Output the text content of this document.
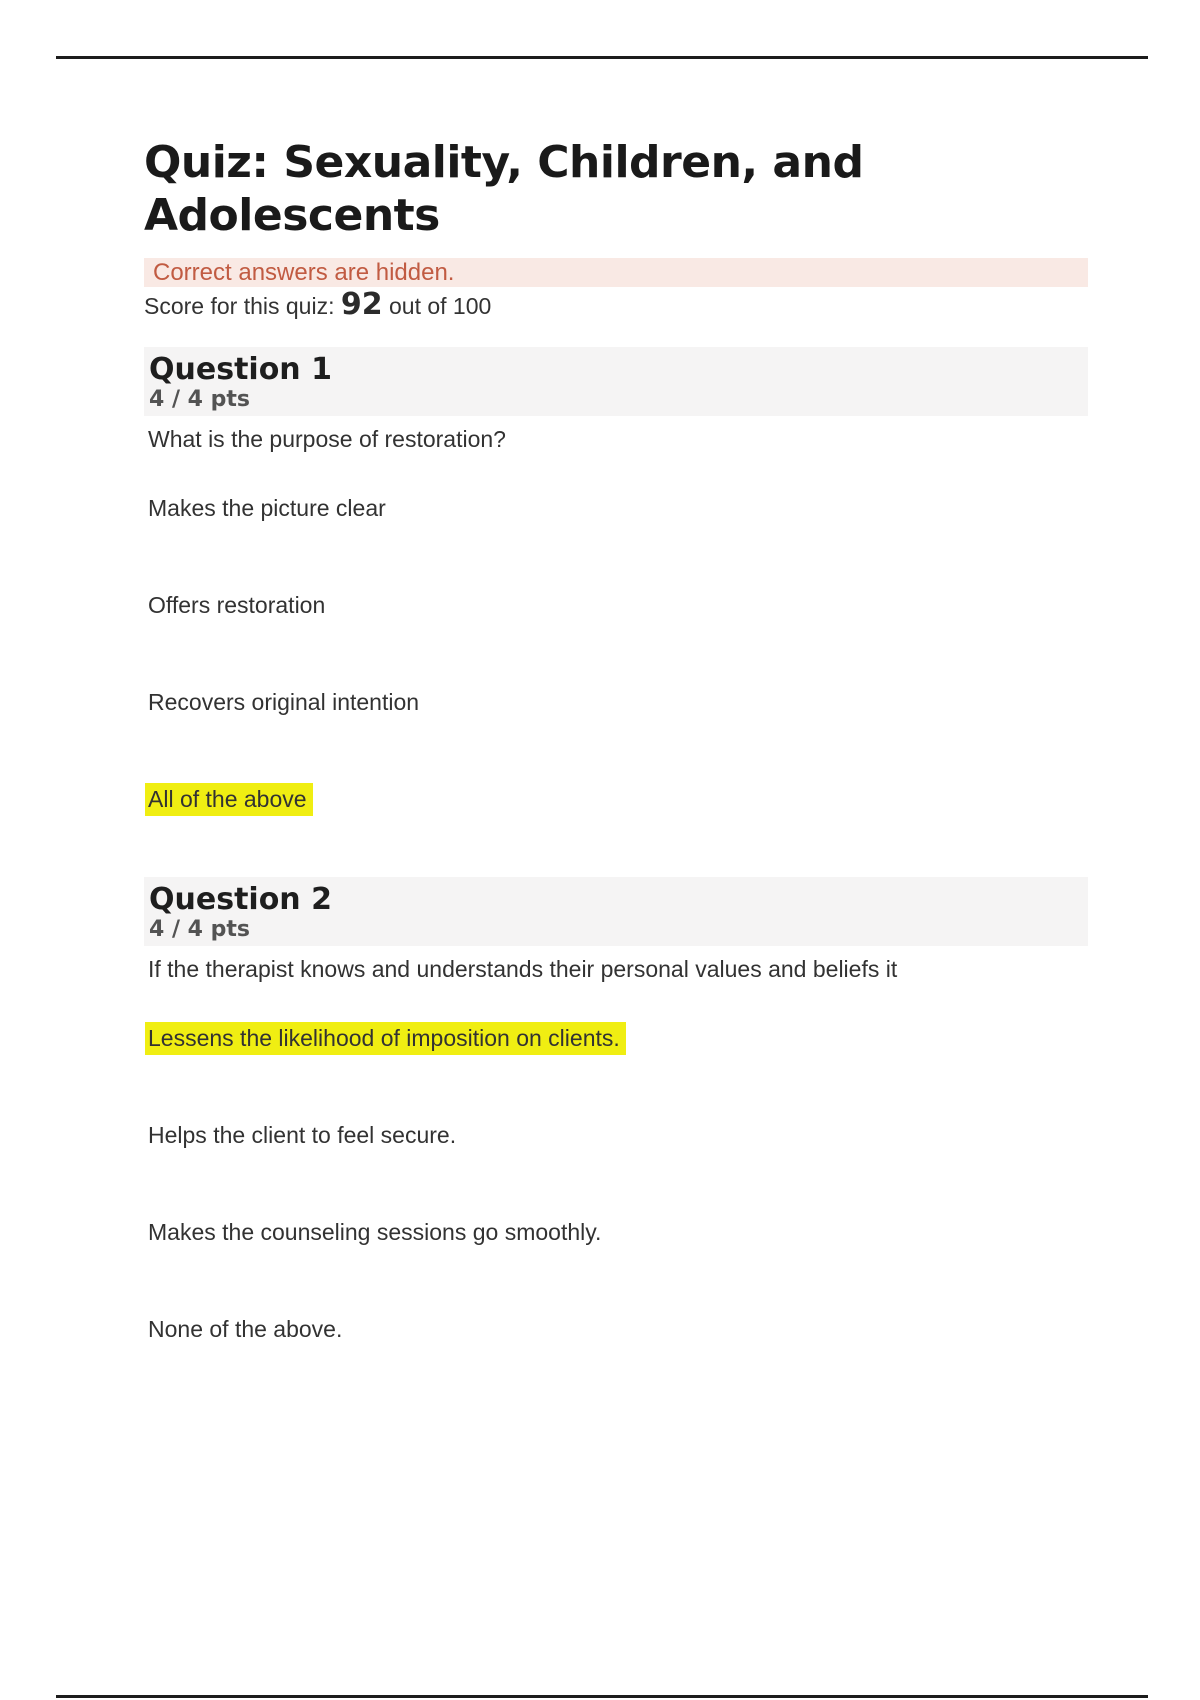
Quiz: Sexuality, Children, and Adolescents
Correct answers are hidden.

Score for this quiz: 92 out of 100

Question 1

4 / 4 pts

What is the purpose of restoration?

Makes the picture clear
Offers restoration
Recovers original intention
All of the above
Question 2

4 / 4 pts

If the therapist knows and understands their personal values and beliefs it

Lessens the likelihood of imposition on clients.
Helps the client to feel secure.
Makes the counseling sessions go smoothly.
None of the above.
